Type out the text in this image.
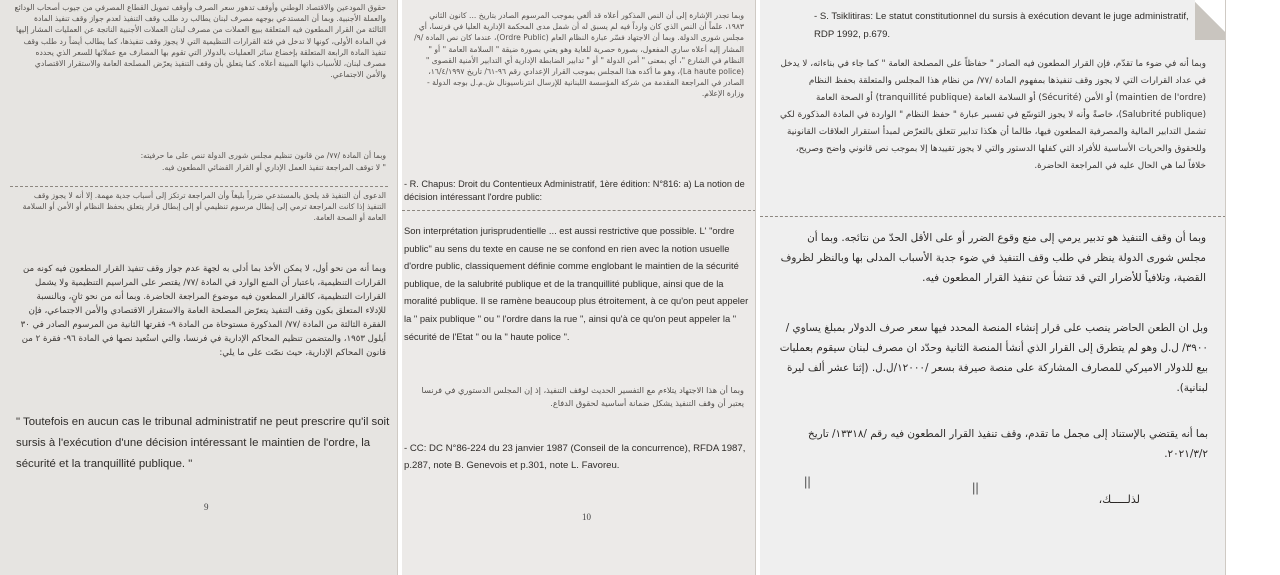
حقوق المودعين والاقتصاد الوطني وأوقف تدهور سعر الصرف وأوقف تمويل القطاع المصرفي من جيوب أصحاب الودائع والعملة الأجنبية. وبما أن المستدعي بوجهه مصرف لبنان يطالب رد طلب وقف التنفيذ لعدم جواز وقف تنفيذ المادة الثالثة من القرار المطعون فيه المتعلقة ببيع العملات من مصرف لبنان العملات الأجنبية الناتجة عن العمليات المشار إليها في المادة الأولى، كونها لا تدخل في فئة القرارات التنظيمية التي لا يجوز وقف تنفيذها، كما يطالب أيضاً رد طلب وقف تنفيذ المادة الرابعة المتعلقة بإخضاع سائر العمليات بالدولار التي تقوم بها المصارف مع عملائها للسعر الذي يحدده مصرف لبنان، للأسباب ذاتها المبينة أعلاه. كما يتعلق بأن وقف التنفيذ يعرّض المصلحة العامة والاستقرار الاقتصادي والأمن الاجتماعي.

وبما أن المادة /٧٧/ من قانون تنظيم مجلس شورى الدولة تنص على ما حرفيته:

" لا توقف المراجعة تنفيذ العمل الإداري أو القرار القضائي المطعون فيه.

الدعوى أن التنفيذ قد يلحق بالمستدعي ضرراً بليغاً وأن المراجعة ترتكز إلى أسباب جدية مهمة. إلا أنه لا يجوز وقف التنفيذ إذا كانت المراجعة ترمي إلى إبطال مرسوم تنظيمي أو إلى إبطال قرار يتعلق بحفظ النظام أو الأمن أو السلامة العامة أو الصحة العامة.

وبما أنه من نحو أول، لا يمكن الأخذ بما أدلى به لجهة عدم جواز وقف تنفيذ القرار المطعون فيه كونه من القرارات التنظيمية، باعتبار أن المنع الوارد في المادة /٧٧/ يقتصر على المراسيم التنظيمية ولا يشمل القرارات التنظيمية، كالقرار المطعون فيه موضوع المراجعة الحاضرة. وبما أنه من نحو ثانٍ، وبالنسبة للإدلاء المتعلق بكون وقف التنفيذ يتعرّض المصلحة العامة والاستقرار الاقتصادي والأمن الاجتماعي، فإن الفقرة الثالثة من المادة /٧٧/ المذكورة مستوحاة من المادة ٩- فقرتها الثانية من المرسوم الصادر في ٣٠ أيلول ١٩٥٣، والمتضمن تنظيم المحاكم الإدارية في فرنسا، والتي استُعيد نصها في المادة ٩٦- فقرة ٢ من قانون المحاكم الإدارية، حيث نصّت على ما يلي:

" Toutefois en aucun cas le tribunal administratif ne peut prescrire qu'il soit sursis à l'exécution d'une décision intéressant le maintien de l'ordre, la sécurité et la tranquillité publique. "

9

وبما تجدر الإشارة إلى أن النص المذكور أعلاه قد ألغي بموجب المرسوم الصادر بتاريخ ... كانون الثاني ١٩٨٣، علماً أن النص الذي كان وارداً فيه لم يسبق له أن شمل مدى المحكمة الإدارية العليا في فرنسا، أي مجلس شورى الدولة. وبما أن الاجتهاد فسّر عبارة النظام العام (Ordre Public)، عندما كان نص المادة /٩/ المشار إليه أعلاه ساري المفعول، بصورة حصرية للغاية وهو يعني بصورة ضيقة " السلامة العامة " أو " النظام في الشارع "، أي بمعنى " أمن الدولة " أو " تدابير الضابطة الإدارية أي التدابير الأمنية القصوى " (La haute police)، وهو ما أكده هذا المجلس بموجب القرار الإعدادي رقم ٩٦-٦١/ تاريخ ١٦/٤/١٩٩٧، الصادر في المراجعة المقدمة من شركة المؤسسة اللبنانية للإرسال انترناسيونال ش.م.ل بوجه الدولة - وزارة الإعلام.

- R. Chapus: Droit du Contentieux Administratif, 1ère édition: N°816: a) La notion de décision intéressant l'ordre public:

Son interprétation jurisprudentielle ... est aussi restrictive que possible. L' "ordre public" au sens du texte en cause ne se confond en rien avec la notion usuelle d'ordre public, classiquement définie comme englobant le maintien de la sécurité publique, de la salubrité publique et de la tranquillité publique, ainsi que de la moralité publique. Il se ramène beaucoup plus étroitement, à ce qu'on peut appeler la " paix publique " ou " l'ordre dans la rue ", ainsi qu'à ce qu'on peut appeler la " sécurité de l'Etat " ou la " haute police ".

وبما أن هذا الاجتهاد يتلاءم مع التفسير الحديث لوقف التنفيذ، إذ إن المجلس الدستوري في فرنسا يعتبر أن وقف التنفيذ يشكل ضمانة أساسية لحقوق الدفاع.

- CC: DC N°86-224 du 23 janvier 1987 (Conseil de la concurrence), RFDA 1987, p.287, note B. Genevois et p.301, note L. Favoreu.

10

- S. Tsiklitiras: Le statut constitutionnel du sursis à exécution devant le juge administratif, RDP 1992, p.679.

وبما أنه في ضوء ما تقدّم، فإن القرار المطعون فيه الصادر " حفاظاً على المصلحة العامة " كما جاء في بناءاته، لا يدخل في عداد القرارات التي لا يجوز وقف تنفيذها بمفهوم المادة /٧٧/ من نظام هذا المجلس والمتعلقة بحفظ النظام (maintien de l'ordre) أو الأمن (Sécurité) أو السلامة العامة (tranquillité publique) أو الصحة العامة (Salubrité publique)، خاصةً وأنه لا يجوز التوسّع في تفسير عبارة " حفظ النظام " الواردة في المادة المذكورة لكي تشمل التدابير المالية والمصرفية المطعون فيها، طالما أن هكذا تدابير تتعلق بالتعرّض لمبدأ استقرار العلاقات القانونية وللحقوق والحريات الأساسية للأفراد التي كفلها الدستور والتي لا يجوز تقييدها إلا بموجب نص قانوني واضح وصريح، خلافاً لما هي الحال عليه في المراجعة الحاضرة.

وبما أن وقف التنفيذ هو تدبير يرمي إلى منع وقوع الضرر أو على الأقل الحدّ من نتائجه. وبما أن مجلس شورى الدولة ينظر في طلب وقف التنفيذ في ضوء جدية الأسباب المدلى بها وبالنظر لظروف القضية، وتلافياً للأضرار التي قد تنشأ عن تنفيذ القرار المطعون فيه.

وبل ان الطعن الحاضر ينصب على قرار إنشاء المنصة المحدد فيها سعر صرف الدولار بمبلغ يساوي /٣٩٠٠/ ل.ل وهو لم يتطرق إلى القرار الذي أنشأ المنصة الثانية وحدّد ان مصرف لبنان سيقوم بعمليات بيع للدولار الاميركي للمصارف المشاركة على منصة صيرفة بسعر /١٢٠٠٠/ل.ل. (إثنا عشر ألف ليرة لبنانية).

بما أنه يقتضي بالإستناد إلى مجمل ما تقدم، وقف تنفيذ القرار المطعون فيه رقم /١٣٣١٨/ تاريخ ٢٠٢١/٣/٢.

||	||
لذلـــــك،
